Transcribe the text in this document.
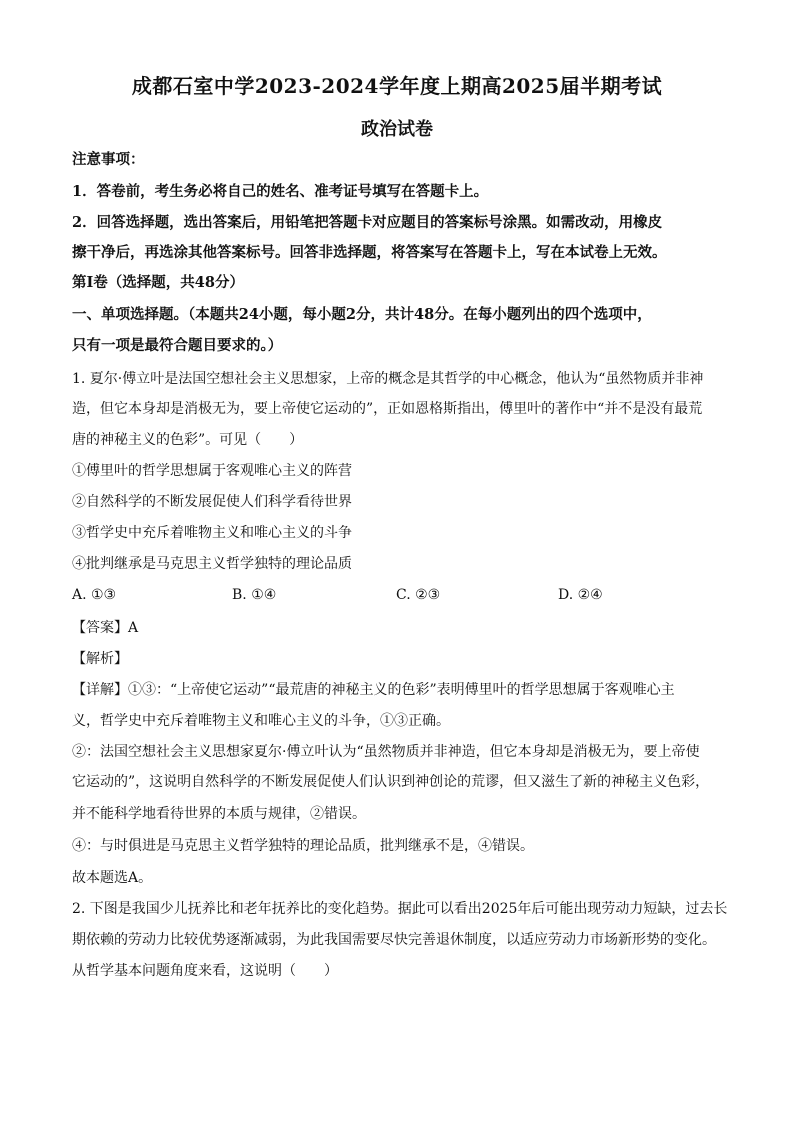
成都石室中学2023-2024学年度上期高2025届半期考试
政治试卷
注意事项：
1．答卷前，考生务必将自己的姓名、准考证号填写在答题卡上。
2．回答选择题，选出答案后，用铅笔把答题卡对应题目的答案标号涂黑。如需改动，用橡皮
擦干净后，再选涂其他答案标号。回答非选择题，将答案写在答题卡上，写在本试卷上无效。
第Ⅰ卷（选择题，共48分）
一、单项选择题。（本题共24小题，每小题2分，共计48分。在每小题列出的四个选项中，
只有一项是最符合题目要求的。）
1. 夏尔·傅立叶是法国空想社会主义思想家，上帝的概念是其哲学的中心概念，他认为“虽然物质并非神
造，但它本身却是消极无为，要上帝使它运动的”，正如恩格斯指出，傅里叶的著作中“并不是没有最荒
唐的神秘主义的色彩”。可见（　　）
①傅里叶的哲学思想属于客观唯心主义的阵营
②自然科学的不断发展促使人们科学看待世界
③哲学史中充斥着唯物主义和唯心主义的斗争
④批判继承是马克思主义哲学独特的理论品质
A. ①③	B. ①④	C. ②③	D. ②④
【答案】A
【解析】
【详解】①③：“上帝使它运动”“最荒唐的神秘主义的色彩”表明傅里叶的哲学思想属于客观唯心主
义，哲学史中充斥着唯物主义和唯心主义的斗争，①③正确。
②：法国空想社会主义思想家夏尔·傅立叶认为“虽然物质并非神造，但它本身却是消极无为，要上帝使
它运动的”，这说明自然科学的不断发展促使人们认识到神创论的荒谬，但又滋生了新的神秘主义色彩，
并不能科学地看待世界的本质与规律，②错误。
④：与时俱进是马克思主义哲学独特的理论品质，批判继承不是，④错误。
故本题选A。
2. 下图是我国少儿抚养比和老年抚养比的变化趋势。据此可以看出2025年后可能出现劳动力短缺，过去长
期依赖的劳动力比较优势逐渐减弱，为此我国需要尽快完善退休制度，以适应劳动力市场新形势的变化。
从哲学基本问题角度来看，这说明（　　）
